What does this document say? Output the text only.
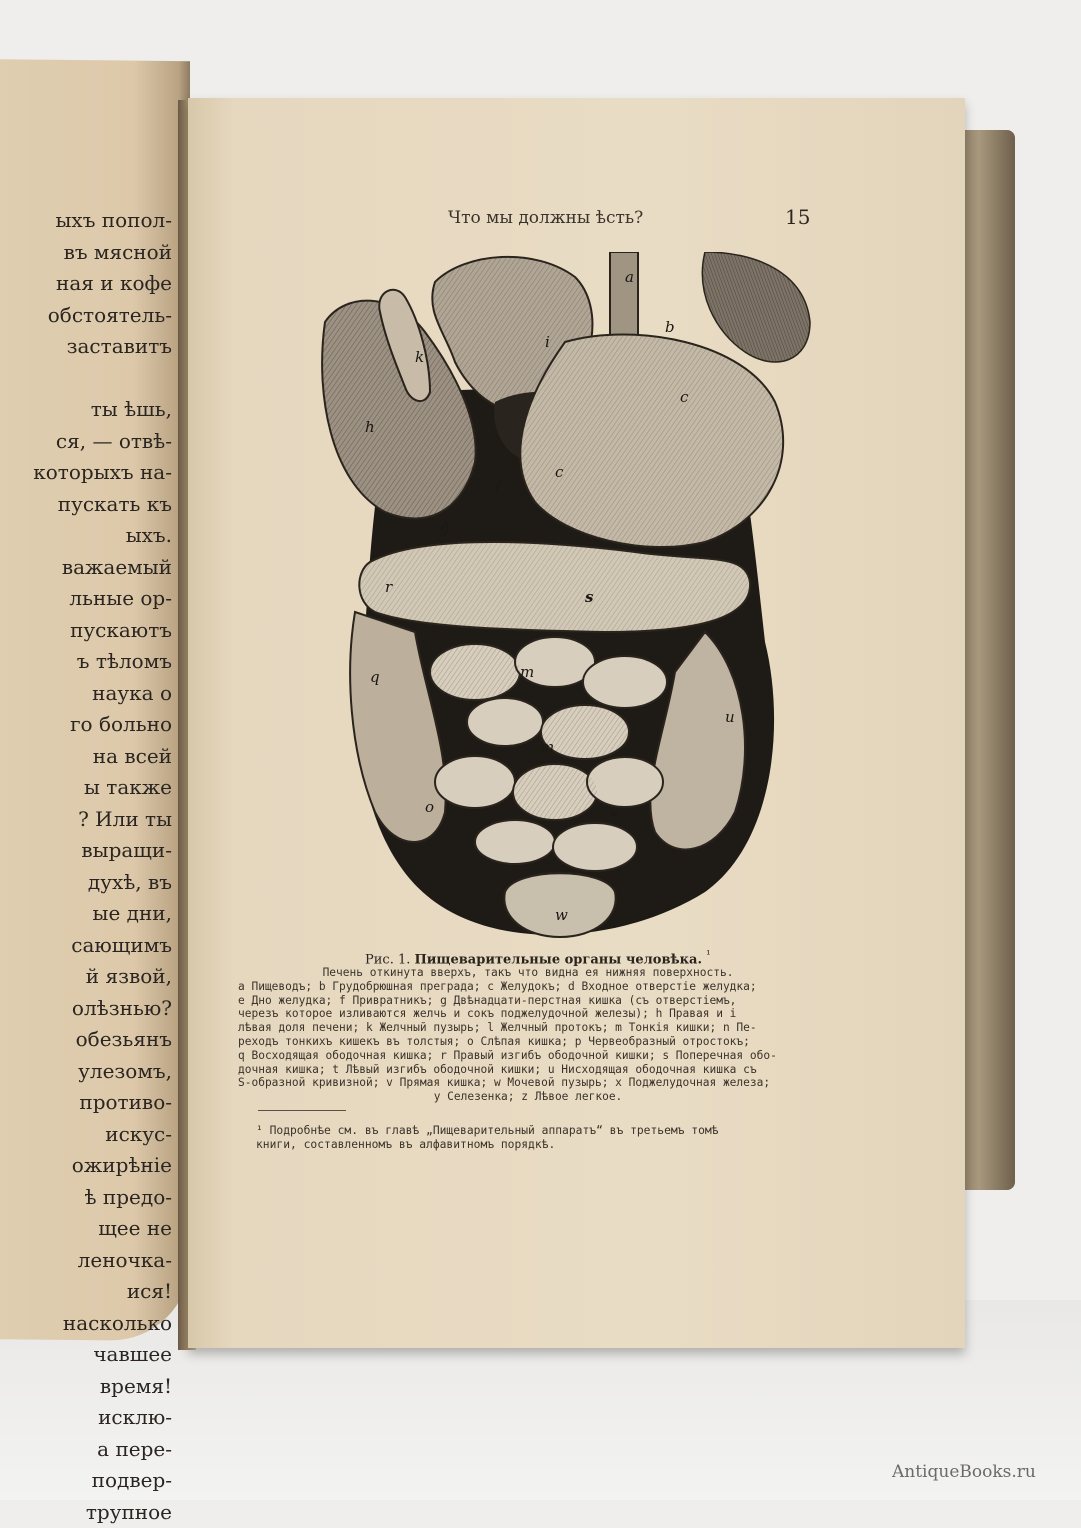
ыхъ попол-
въ мясной
ная и кофе
обстоятель-
заставитъ

ты ѣшь,
ся, — отвѣ-
которыхъ на-
пускать къ
ыхъ.
важаемый
льные ор-
пускаютъ
ъ тѣломъ
наука о
го больно
на всей
ы также
? Или ты
выращи-
духѣ, въ
ые дни,
сающимъ
й язвой,
олѣзнью?
обезьянъ
улезомъ,
противо-
искус-
ожирѣніе
ѣ предо-
щее не
леночка-
ися!
насколько
чавшее
время!
исклю-
а пере-
подвер-
трупное
Что мы должны ѣсть?	15
a
b
i
k
h
c
c
f
g
s
r
q	m
m
o
u
v
w
Рис. 1. Пищеварительные органы человѣка. $^{^1}$
Печень откинута вверхъ, такъ что видна ея нижняя поверхность.
a Пищеводъ; b Грудобрюшная преграда; c Желудокъ; d Входное отверстіе желудка;
e Дно желудка; f Привратникъ; g Двѣнадцати-перстная кишка (съ отверстіемъ,
черезъ которое изливаются желчь и сокъ поджелудочной железы); h Правая и i
лѣвая доля печени; k Желчный пузырь; l Желчный протокъ; m Тонкія кишки; n Пе-
реходъ тонкихъ кишекъ въ толстыя; o Слѣпая кишка; p Червеобразный отростокъ;
q Восходящая ободочная кишка; r Правый изгибъ ободочной кишки; s Поперечная обо-
дочная кишка; t Лѣвый изгибъ ободочной кишки; u Нисходящая ободочная кишка съ
S-образной кривизной; v Прямая кишка; w Мочевой пузырь; x Поджелудочная железа;
y Селезенка; z Лѣвое легкое.
¹ Подробнѣе см. въ главѣ „Пищеварительный аппаратъ“ въ третьемъ томѣ
книги, составленномъ въ алфавитномъ порядкѣ.
AntiqueBooks.ru
